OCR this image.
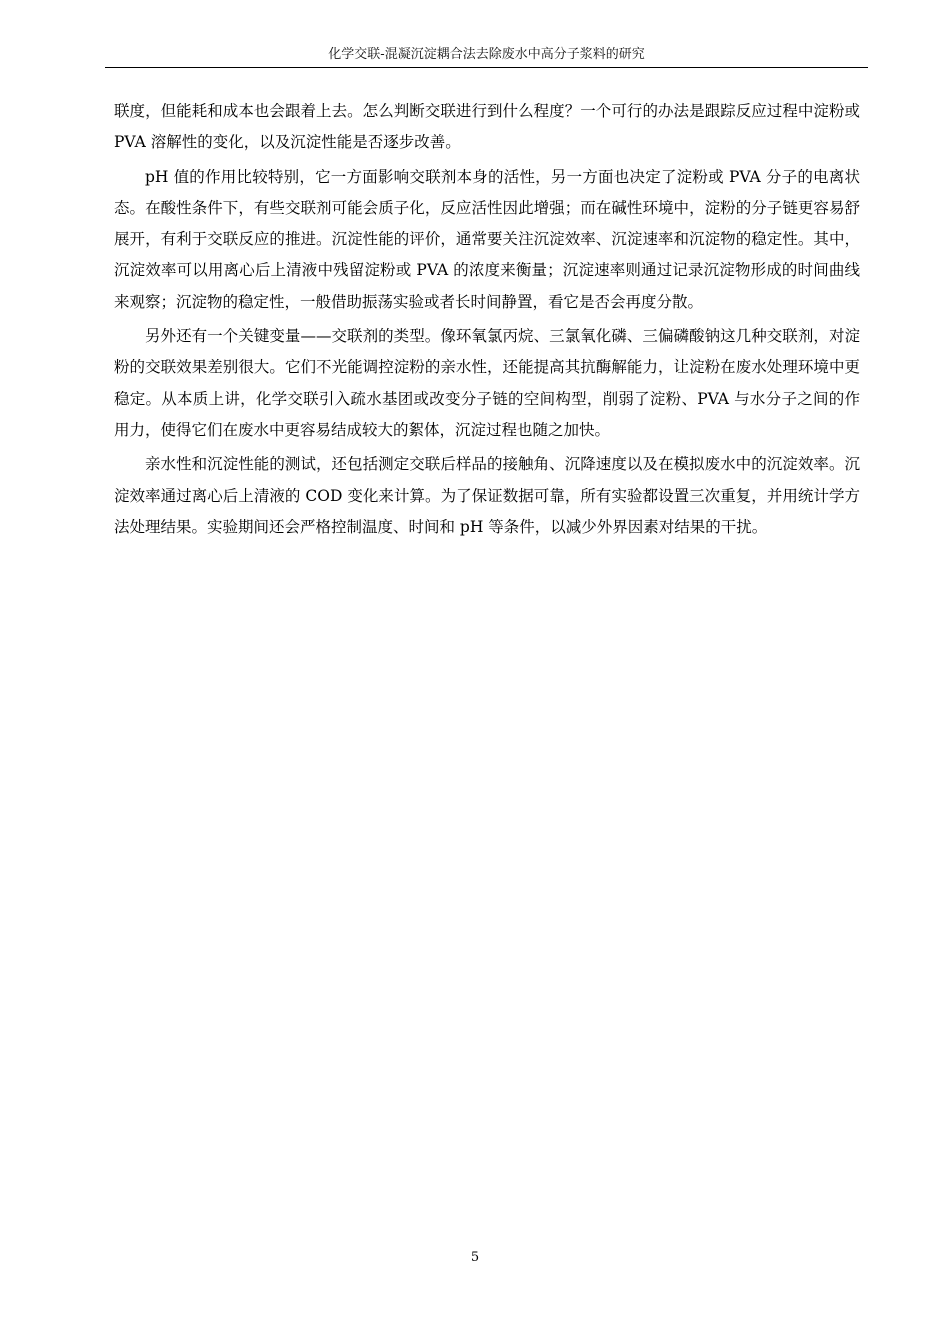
化学交联-混凝沉淀耦合法去除废水中高分子浆料的研究

联度，但能耗和成本也会跟着上去。怎么判断交联进行到什么程度？一个可行的办法是跟踪反应过程中淀粉或 PVA 溶解性的变化，以及沉淀性能是否逐步改善。

pH 值的作用比较特别，它一方面影响交联剂本身的活性，另一方面也决定了淀粉或 PVA 分子的电离状态。在酸性条件下，有些交联剂可能会质子化，反应活性因此增强；而在碱性环境中，淀粉的分子链更容易舒展开，有利于交联反应的推进。沉淀性能的评价，通常要关注沉淀效率、沉淀速率和沉淀物的稳定性。其中，沉淀效率可以用离心后上清液中残留淀粉或 PVA 的浓度来衡量；沉淀速率则通过记录沉淀物形成的时间曲线来观察；沉淀物的稳定性，一般借助振荡实验或者长时间静置，看它是否会再度分散。

另外还有一个关键变量——交联剂的类型。像环氧氯丙烷、三氯氧化磷、三偏磷酸钠这几种交联剂，对淀粉的交联效果差别很大。它们不光能调控淀粉的亲水性，还能提高其抗酶解能力，让淀粉在废水处理环境中更稳定。从本质上讲，化学交联引入疏水基团或改变分子链的空间构型，削弱了淀粉、PVA 与水分子之间的作用力，使得它们在废水中更容易结成较大的絮体，沉淀过程也随之加快。

亲水性和沉淀性能的测试，还包括测定交联后样品的接触角、沉降速度以及在模拟废水中的沉淀效率。沉淀效率通过离心后上清液的 COD 变化来计算。为了保证数据可靠，所有实验都设置三次重复，并用统计学方法处理结果。实验期间还会严格控制温度、时间和 pH 等条件，以减少外界因素对结果的干扰。

5
